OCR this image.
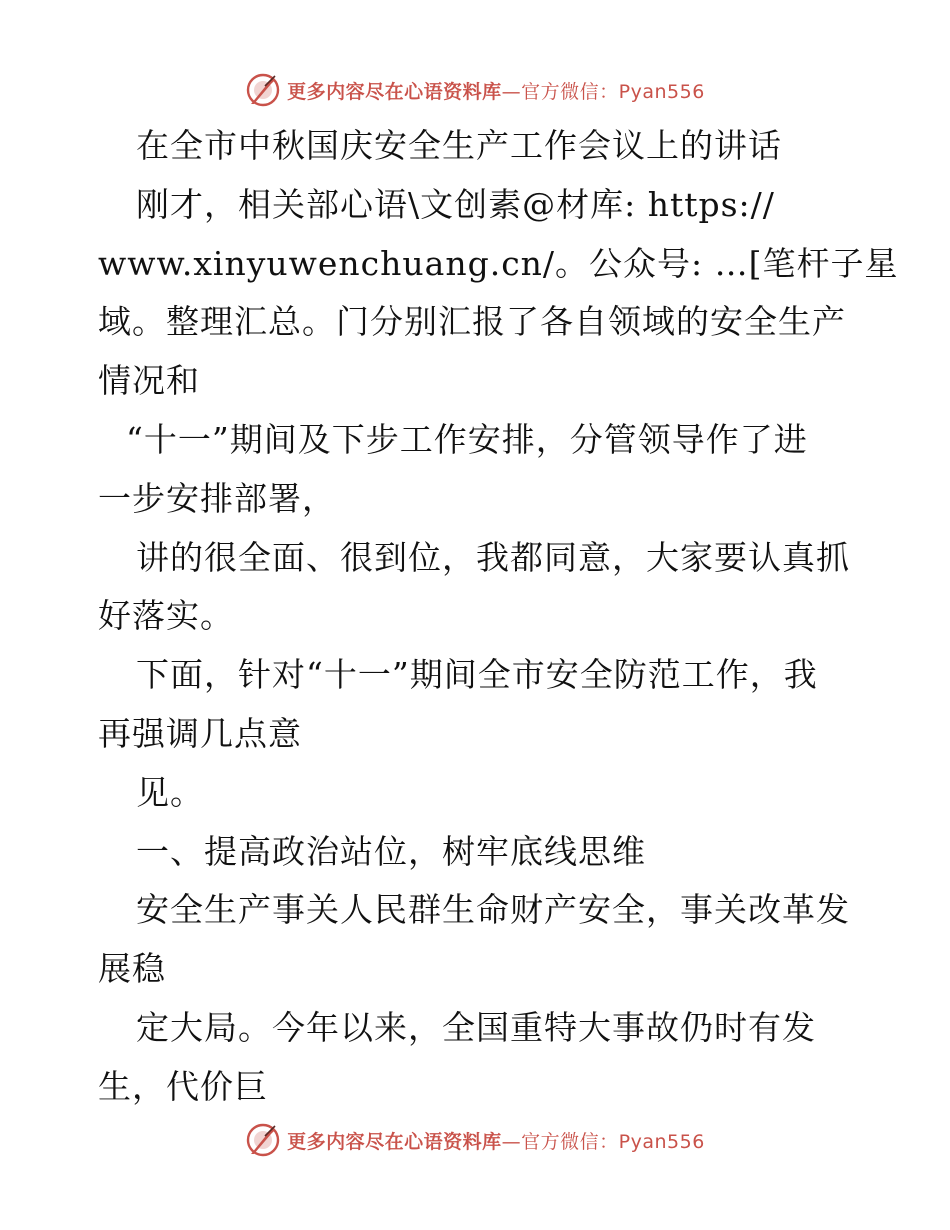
更多内容尽在心语资料库—官方微信：Pyan556
在全市中秋国庆安全生产工作会议上的讲话
刚才，相关部心语\文创素@材库: https://
www.xinyuwenchuang.cn/。公众号: …[笔杆子星
域。整理汇总。门分别汇报了各自领域的安全生产
情况和
“十一”期间及下步工作安排，分管领导作了进
一步安排部署，
讲的很全面、很到位，我都同意，大家要认真抓
好落实。
下面，针对“十一”期间全市安全防范工作，我
再强调几点意
见。
一、提高政治站位，树牢底线思维
安全生产事关人民群生命财产安全，事关改革发
展稳
定大局。今年以来，全国重特大事故仍时有发
生，代价巨
更多内容尽在心语资料库—官方微信：Pyan556
